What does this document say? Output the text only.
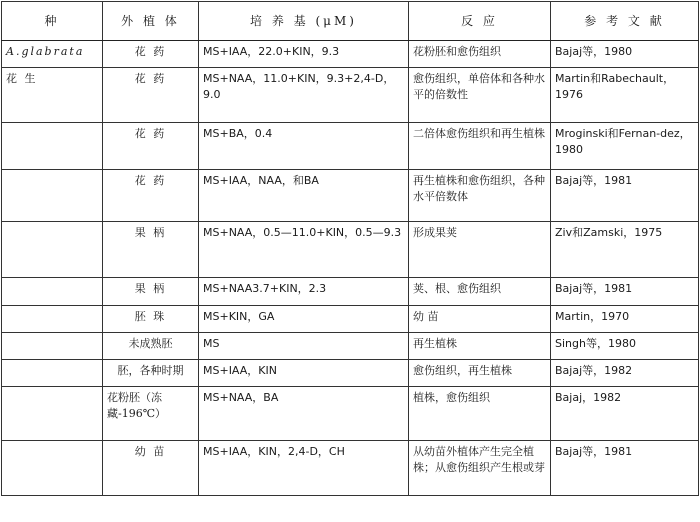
种	外 植 体	培 养 基 (μM)	反 应	参 考 文 献
A.glabrata	花 药	MS+IAA，22.0+KIN，9.3	花粉胚和愈伤组织	Bajaj等，1980
花 生	花 药	MS+NAA，11.0+KIN，9.3+2,4-D，9.0	愈伤组织，单倍体和各种水平的倍数性	Martin和Rabechault，1976
	花 药	MS+BA，0.4	二倍体愈伤组织和再生植株	Mroginski和Fernan-dez，1980
	花 药	MS+IAA，NAA，和BA	再生植株和愈伤组织，各种水平倍数体	Bajaj等，1981
	果 柄	MS+NAA，0.5—11.0+KIN，0.5—9.3	形成果荚	Ziv和Zamski，1975
	果 柄	MS+NAA3.7+KIN，2.3	荚、根、愈伤组织	Bajaj等，1981
	胚 珠	MS+KIN，GA	幼 苗	Martin，1970
	未成熟胚	MS	再生植株	Singh等，1980
	胚，各种时期	MS+IAA，KIN	愈伤组织，再生植株	Bajaj等，1982
	花粉胚（冻藏-196℃）	MS+NAA，BA	植株，愈伤组织	Bajaj，1982
	幼 苗	MS+IAA，KIN，2,4-D，CH	从幼苗外植体产生完全植株；从愈伤组织产生根或芽	Bajaj等，1981
